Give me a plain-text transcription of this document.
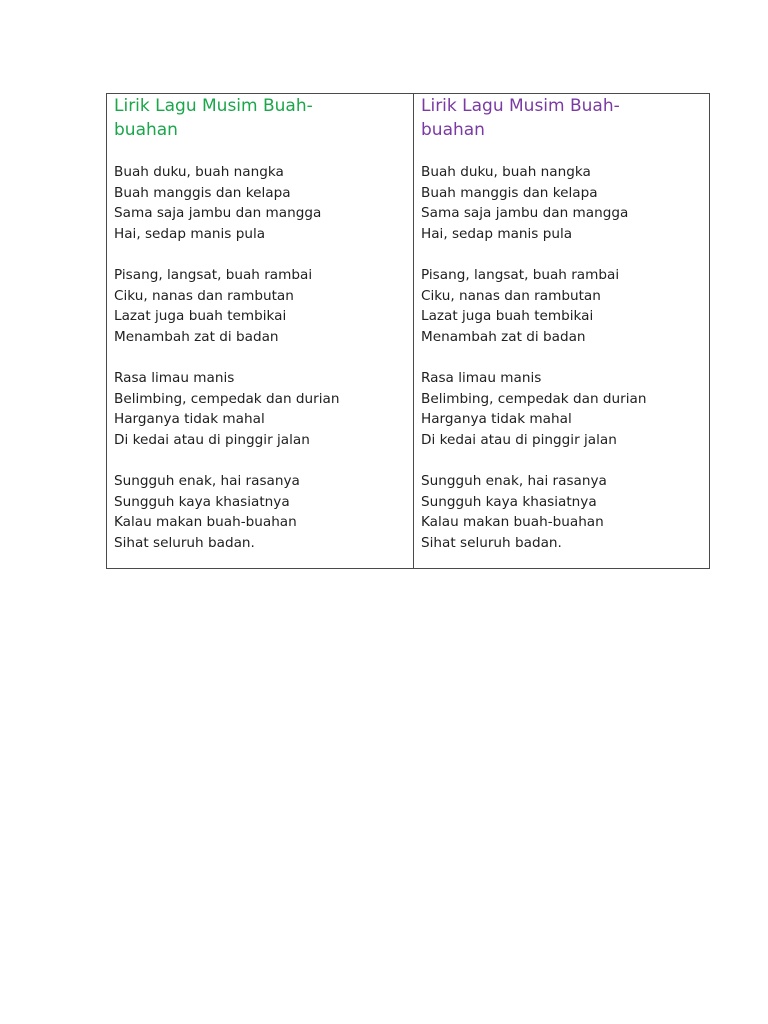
Lirik Lagu Musim Buah-
buahan
Buah duku, buah nangka
Buah manggis dan kelapa
Sama saja jambu dan mangga
Hai, sedap manis pula
Pisang, langsat, buah rambai
Ciku, nanas dan rambutan
Lazat juga buah tembikai
Menambah zat di badan
Rasa limau manis
Belimbing, cempedak dan durian
Harganya tidak mahal
Di kedai atau di pinggir jalan
Sungguh enak, hai rasanya
Sungguh kaya khasiatnya
Kalau makan buah-buahan
Sihat seluruh badan.

Lirik Lagu Musim Buah-
buahan
Buah duku, buah nangka
Buah manggis dan kelapa
Sama saja jambu dan mangga
Hai, sedap manis pula
Pisang, langsat, buah rambai
Ciku, nanas dan rambutan
Lazat juga buah tembikai
Menambah zat di badan
Rasa limau manis
Belimbing, cempedak dan durian
Harganya tidak mahal
Di kedai atau di pinggir jalan
Sungguh enak, hai rasanya
Sungguh kaya khasiatnya
Kalau makan buah-buahan
Sihat seluruh badan.
